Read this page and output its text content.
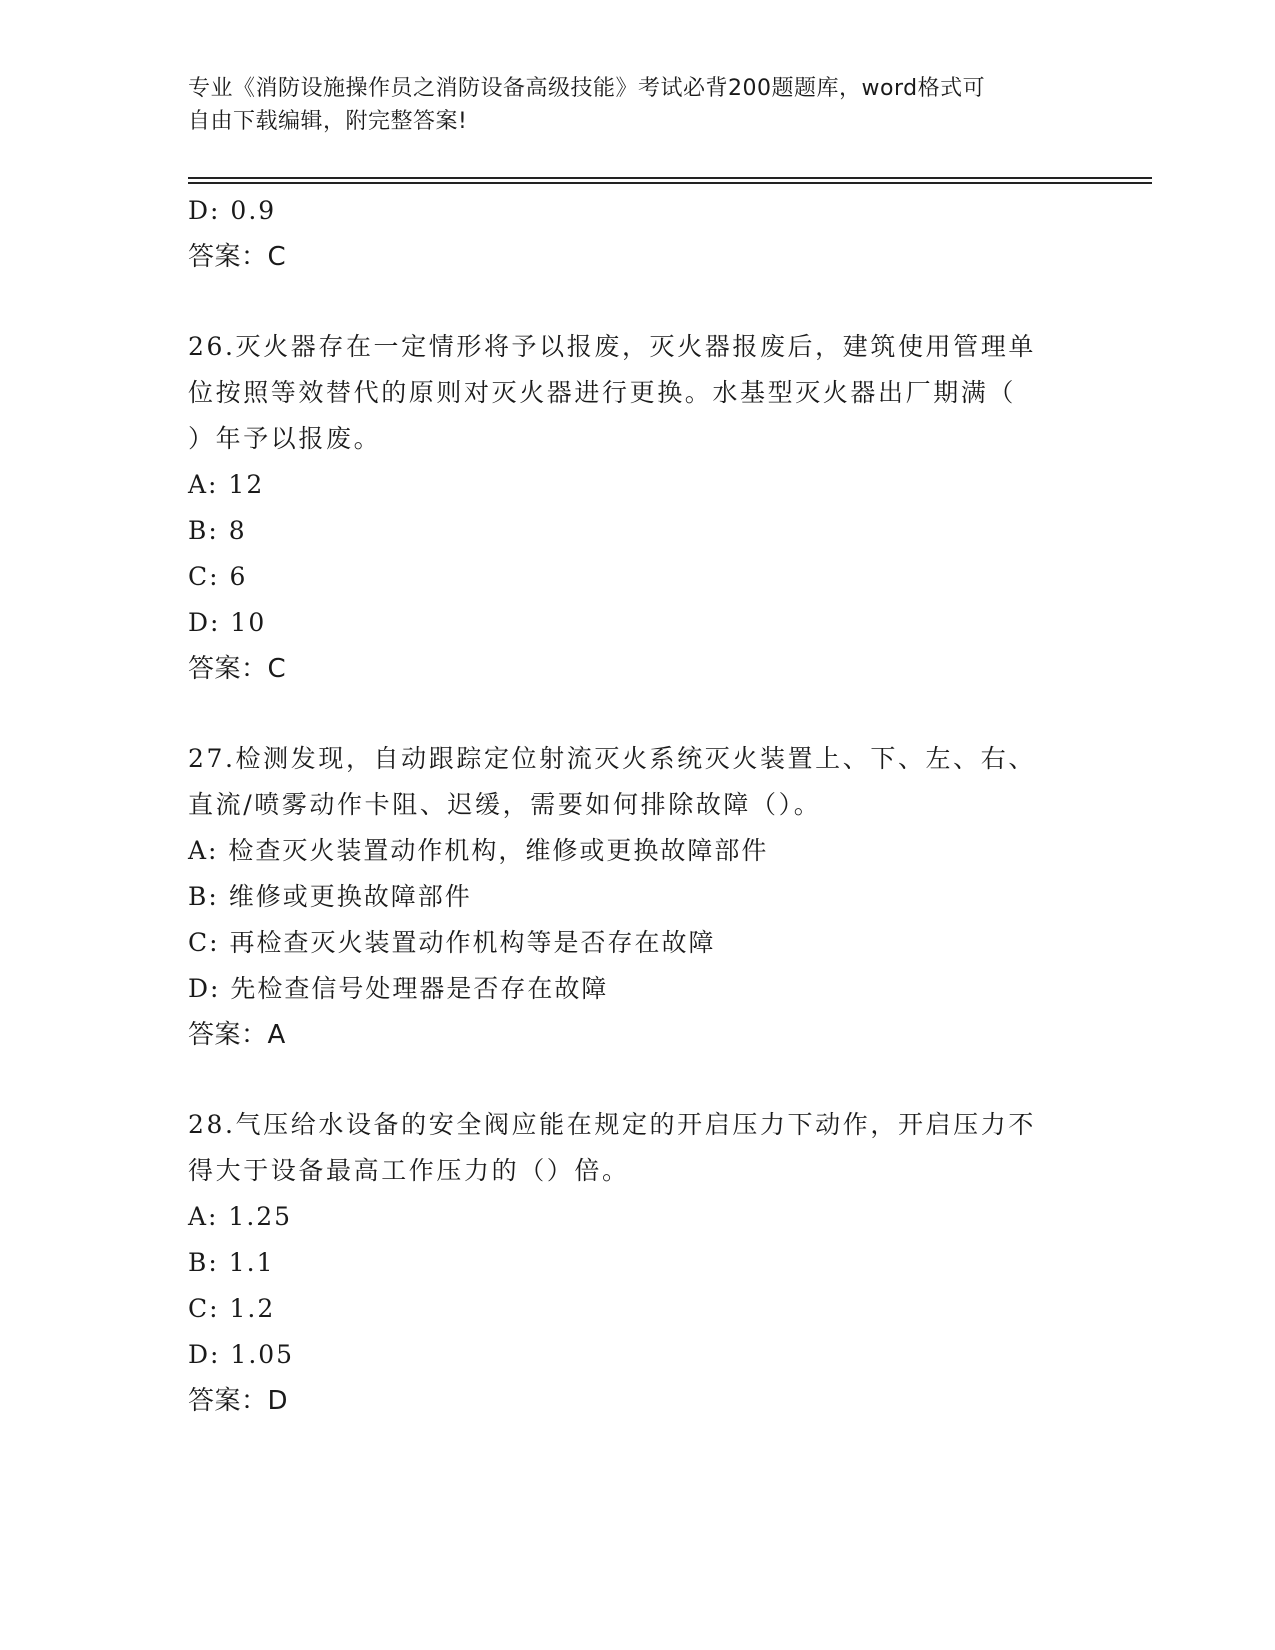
专业《消防设施操作员之消防设备高级技能》考试必背200题题库，word格式可
自由下载编辑，附完整答案!
D: 0.9
答案：C
26.灭火器存在一定情形将予以报废，灭火器报废后，建筑使用管理单
位按照等效替代的原则对灭火器进行更换。水基型灭火器出厂期满（
）年予以报废。
A: 12
B: 8
C: 6
D: 10
答案：C
27.检测发现，自动跟踪定位射流灭火系统灭火装置上、下、左、右、
直流/喷雾动作卡阻、迟缓，需要如何排除故障（）。
A: 检查灭火装置动作机构，维修或更换故障部件
B: 维修或更换故障部件
C: 再检查灭火装置动作机构等是否存在故障
D: 先检查信号处理器是否存在故障
答案：A
28.气压给水设备的安全阀应能在规定的开启压力下动作，开启压力不
得大于设备最高工作压力的（）倍。
A: 1.25
B: 1.1
C: 1.2
D: 1.05
答案：D
